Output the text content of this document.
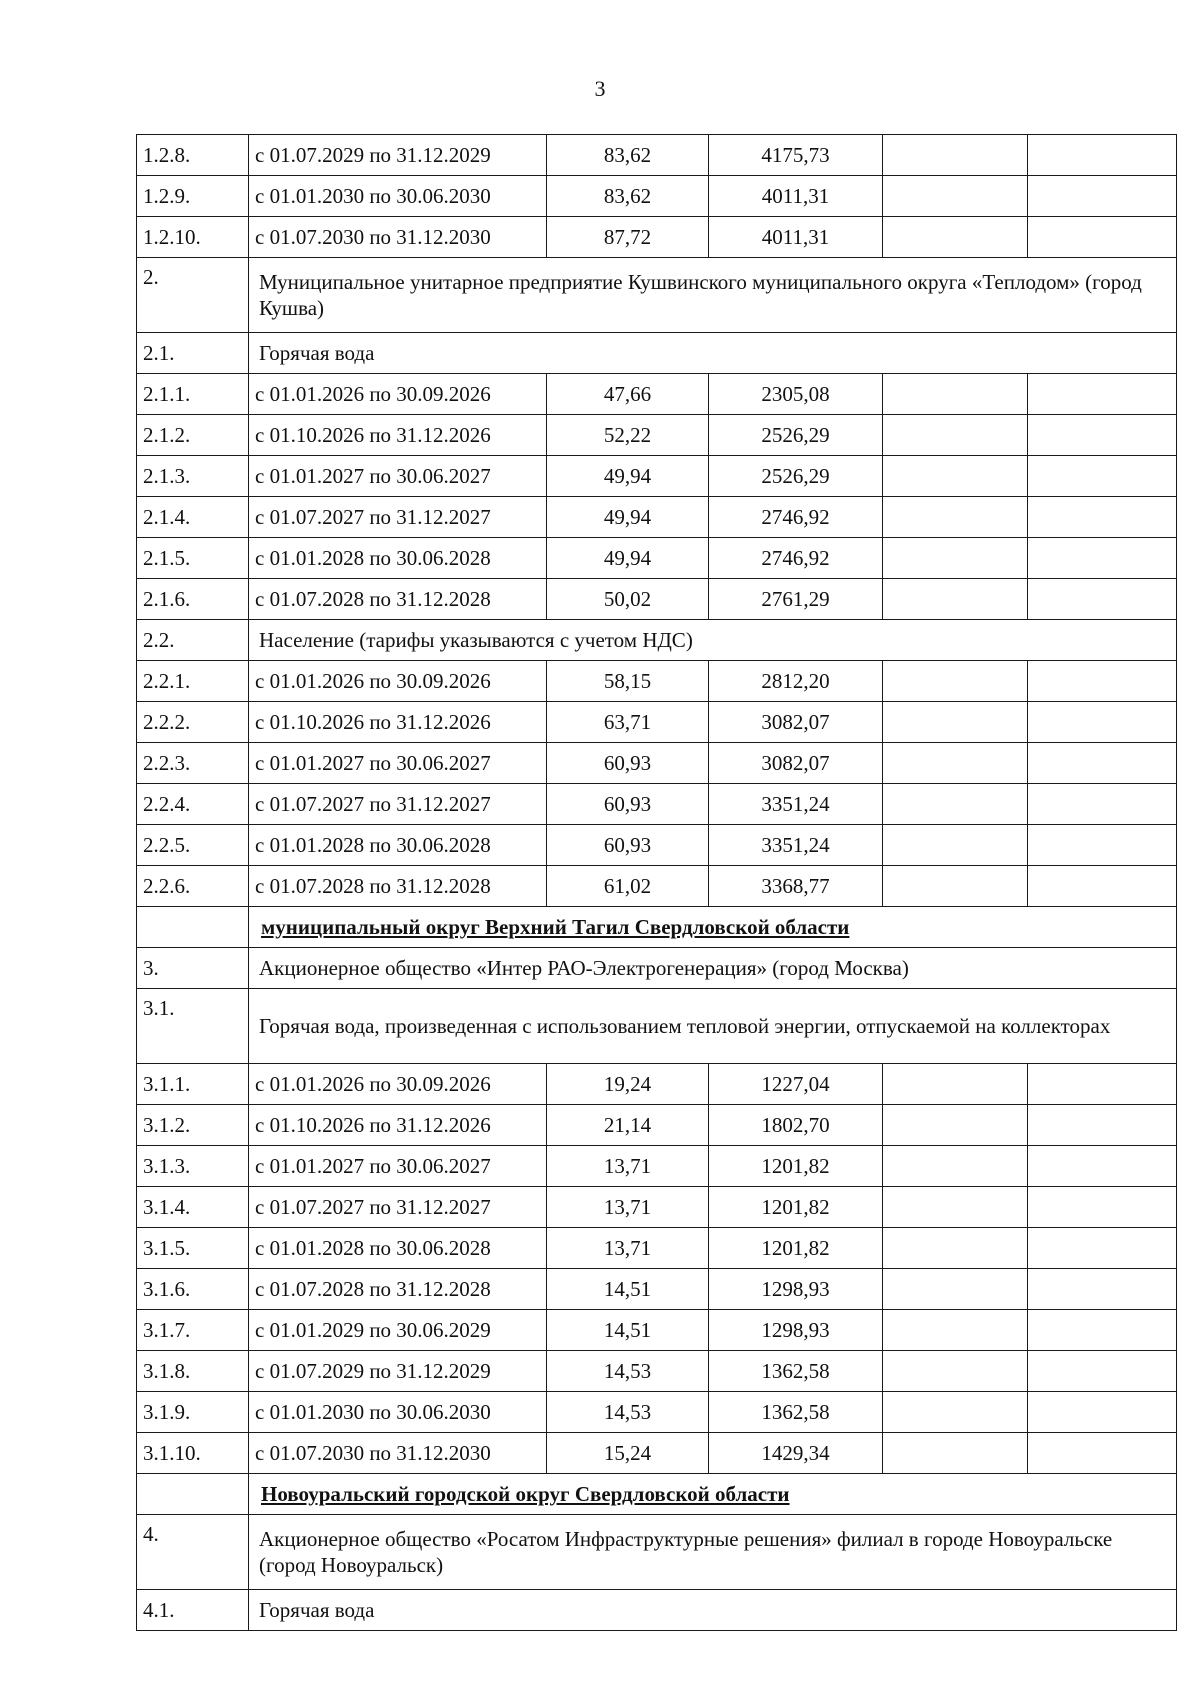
3
1.2.8.	с 01.07.2029 по 31.12.2029	83,62	4175,73		
1.2.9.	с 01.01.2030 по 30.06.2030	83,62	4011,31		
1.2.10.	с 01.07.2030 по 31.12.2030	87,72	4011,31		
2.	Муниципальное унитарное предприятие Кушвинского муниципального округа «Теплодом» (город Кушва)				
2.1.	Горячая вода				
2.1.1.	с 01.01.2026 по 30.09.2026	47,66	2305,08		
2.1.2.	с 01.10.2026 по 31.12.2026	52,22	2526,29		
2.1.3.	с 01.01.2027 по 30.06.2027	49,94	2526,29		
2.1.4.	с 01.07.2027 по 31.12.2027	49,94	2746,92		
2.1.5.	с 01.01.2028 по 30.06.2028	49,94	2746,92		
2.1.6.	с 01.07.2028 по 31.12.2028	50,02	2761,29		
2.2.	Население (тарифы указываются с учетом НДС)				
2.2.1.	с 01.01.2026 по 30.09.2026	58,15	2812,20		
2.2.2.	с 01.10.2026 по 31.12.2026	63,71	3082,07		
2.2.3.	с 01.01.2027 по 30.06.2027	60,93	3082,07		
2.2.4.	с 01.07.2027 по 31.12.2027	60,93	3351,24		
2.2.5.	с 01.01.2028 по 30.06.2028	60,93	3351,24		
2.2.6.	с 01.07.2028 по 31.12.2028	61,02	3368,77		
	муниципальный округ Верхний Тагил Свердловской области				
3.	Акционерное общество «Интер РАО-Электрогенерация» (город Москва)				
3.1.	Горячая вода, произведенная с использованием тепловой энергии, отпускаемой на коллекторах				
3.1.1.	с 01.01.2026 по 30.09.2026	19,24	1227,04		
3.1.2.	с 01.10.2026 по 31.12.2026	21,14	1802,70		
3.1.3.	с 01.01.2027 по 30.06.2027	13,71	1201,82		
3.1.4.	с 01.07.2027 по 31.12.2027	13,71	1201,82		
3.1.5.	с 01.01.2028 по 30.06.2028	13,71	1201,82		
3.1.6.	с 01.07.2028 по 31.12.2028	14,51	1298,93		
3.1.7.	с 01.01.2029 по 30.06.2029	14,51	1298,93		
3.1.8.	с 01.07.2029 по 31.12.2029	14,53	1362,58		
3.1.9.	с 01.01.2030 по 30.06.2030	14,53	1362,58		
3.1.10.	с 01.07.2030 по 31.12.2030	15,24	1429,34		
	Новоуральский городской округ Свердловской области				
4.	Акционерное общество «Росатом Инфраструктурные решения» филиал в городе Новоуральске (город Новоуральск)				
4.1.	Горячая вода				
